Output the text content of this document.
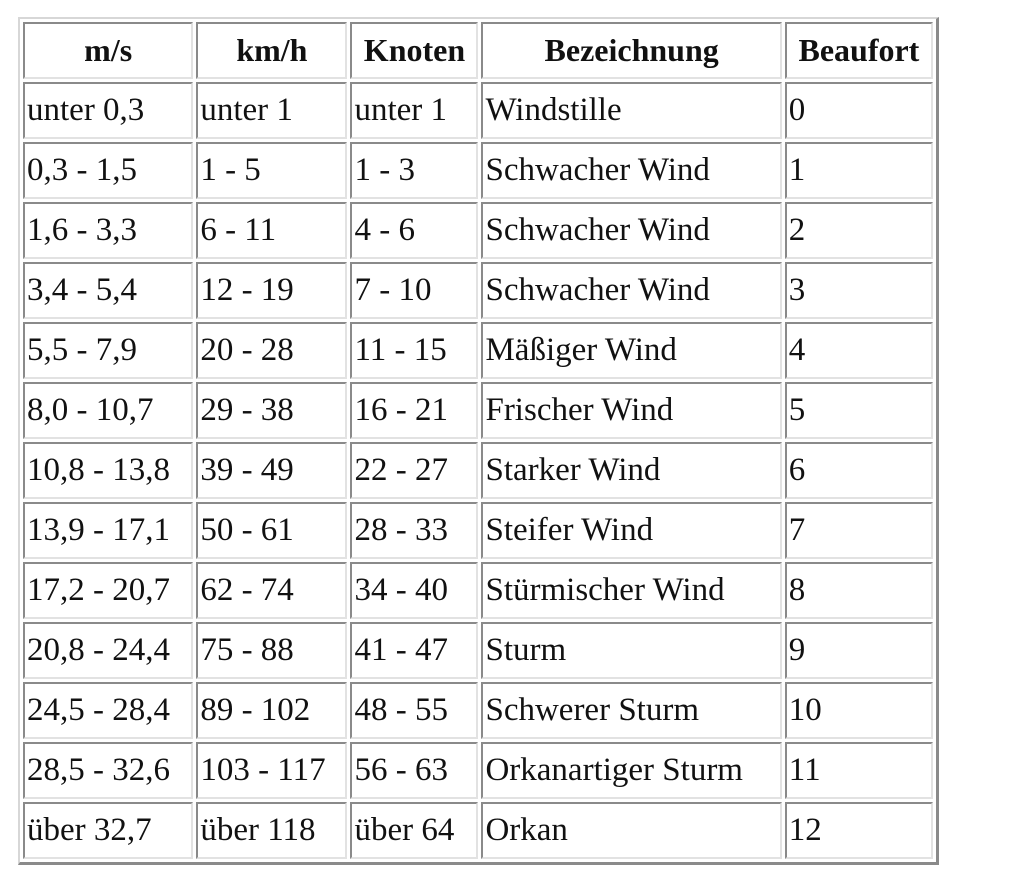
m/s	km/h	Knoten	Bezeichnung	Beaufort
unter 0,3	unter 1	unter 1	Windstille	0
0,3 - 1,5	1 - 5	1 - 3	Schwacher Wind	1
1,6 - 3,3	6 - 11	4 - 6	Schwacher Wind	2
3,4 - 5,4	12 - 19	7 - 10	Schwacher Wind	3
5,5 - 7,9	20 - 28	11 - 15	Mäßiger Wind	4
8,0 - 10,7	29 - 38	16 - 21	Frischer Wind	5
10,8 - 13,8	39 - 49	22 - 27	Starker Wind	6
13,9 - 17,1	50 - 61	28 - 33	Steifer Wind	7
17,2 - 20,7	62 - 74	34 - 40	Stürmischer Wind	8
20,8 - 24,4	75 - 88	41 - 47	Sturm	9
24,5 - 28,4	89 - 102	48 - 55	Schwerer Sturm	10
28,5 - 32,6	103 - 117	56 - 63	Orkanartiger Sturm	11
über 32,7	über 118	über 64	Orkan	12
